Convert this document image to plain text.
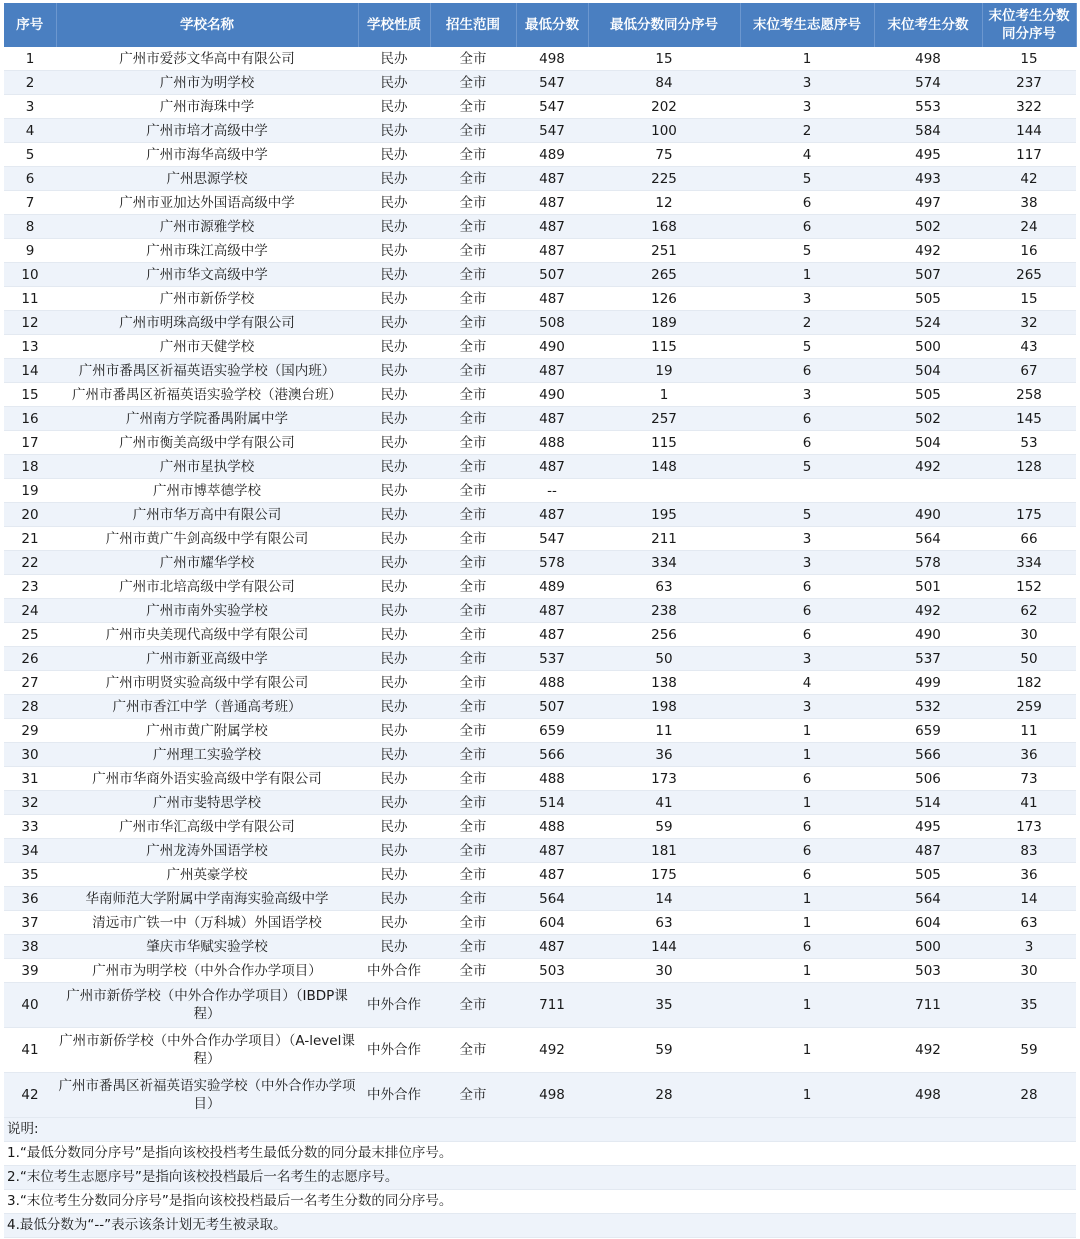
序号	学校名称	学校性质	招生范围	最低分数	最低分数同分序号	末位考生志愿序号	末位考生分数	末位考生分数同分序号
1	广州市爱莎文华高中有限公司	民办	全市	498	15	1	498	15
2	广州市为明学校	民办	全市	547	84	3	574	237
3	广州市海珠中学	民办	全市	547	202	3	553	322
4	广州市培才高级中学	民办	全市	547	100	2	584	144
5	广州市海华高级中学	民办	全市	489	75	4	495	117
6	广州思源学校	民办	全市	487	225	5	493	42
7	广州市亚加达外国语高级中学	民办	全市	487	12	6	497	38
8	广州市源雅学校	民办	全市	487	168	6	502	24
9	广州市珠江高级中学	民办	全市	487	251	5	492	16
10	广州市华文高级中学	民办	全市	507	265	1	507	265
11	广州市新侨学校	民办	全市	487	126	3	505	15
12	广州市明珠高级中学有限公司	民办	全市	508	189	2	524	32
13	广州市天健学校	民办	全市	490	115	5	500	43
14	广州市番禺区祈福英语实验学校（国内班）	民办	全市	487	19	6	504	67
15	广州市番禺区祈福英语实验学校（港澳台班）	民办	全市	490	1	3	505	258
16	广州南方学院番禺附属中学	民办	全市	487	257	6	502	145
17	广州市衡美高级中学有限公司	民办	全市	488	115	6	504	53
18	广州市星执学校	民办	全市	487	148	5	492	128
19	广州市博萃德学校	民办	全市	--				
20	广州市华万高中有限公司	民办	全市	487	195	5	490	175
21	广州市黄广牛剑高级中学有限公司	民办	全市	547	211	3	564	66
22	广州市耀华学校	民办	全市	578	334	3	578	334
23	广州市北培高级中学有限公司	民办	全市	489	63	6	501	152
24	广州市南外实验学校	民办	全市	487	238	6	492	62
25	广州市央美现代高级中学有限公司	民办	全市	487	256	6	490	30
26	广州市新亚高级中学	民办	全市	537	50	3	537	50
27	广州市明贤实验高级中学有限公司	民办	全市	488	138	4	499	182
28	广州市香江中学（普通高考班）	民办	全市	507	198	3	532	259
29	广州市黄广附属学校	民办	全市	659	11	1	659	11
30	广州理工实验学校	民办	全市	566	36	1	566	36
31	广州市华商外语实验高级中学有限公司	民办	全市	488	173	6	506	73
32	广州市斐特思学校	民办	全市	514	41	1	514	41
33	广州市华汇高级中学有限公司	民办	全市	488	59	6	495	173
34	广州龙涛外国语学校	民办	全市	487	181	6	487	83
35	广州英豪学校	民办	全市	487	175	6	505	36
36	华南师范大学附属中学南海实验高级中学	民办	全市	564	14	1	564	14
37	清远市广铁一中（万科城）外国语学校	民办	全市	604	63	1	604	63
38	肇庆市华赋实验学校	民办	全市	487	144	6	500	3
39	广州市为明学校（中外合作办学项目）	中外合作	全市	503	30	1	503	30
40	广州市新侨学校（中外合作办学项目）（IBDP课程）	中外合作	全市	711	35	1	711	35
41	广州市新侨学校（中外合作办学项目）（A-level课程）	中外合作	全市	492	59	1	492	59
42	广州市番禺区祈福英语实验学校（中外合作办学项目）	中外合作	全市	498	28	1	498	28
说明:
1.“最低分数同分序号”是指向该校投档考生最低分数的同分最末排位序号。
2.“末位考生志愿序号”是指向该校投档最后一名考生的志愿序号。
3.“末位考生分数同分序号”是指向该校投档最后一名考生分数的同分序号。
4.最低分数为“--”表示该条计划无考生被录取。
